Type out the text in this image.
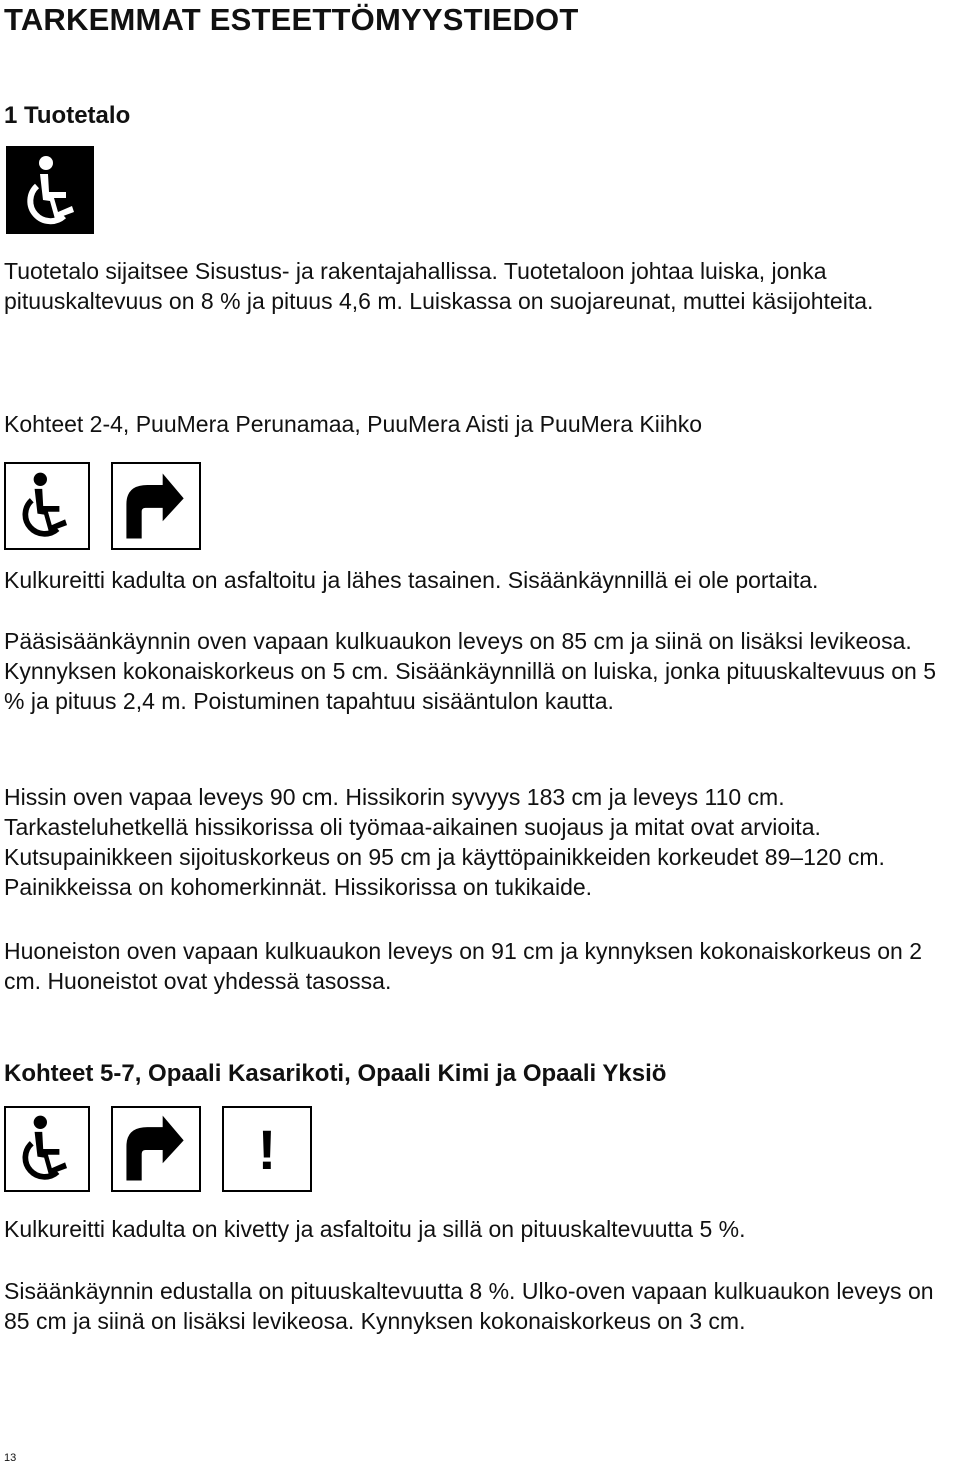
TARKEMMAT ESTEETTÖMYYSTIEDOT
1 Tuotetalo

Tuotetalo sijaitsee Sisustus- ja rakentajahallissa. Tuotetaloon johtaa luiska, jonka pituuskaltevuus on 8 % ja pituus 4,6 m. Luiskassa on suojareunat, muttei käsijohteita.

Kohteet 2-4, PuuMera Perunamaa, PuuMera Aisti ja PuuMera Kiihko

Kulkureitti kadulta on asfaltoitu ja lähes tasainen. Sisäänkäynnillä ei ole portaita.

Pääsisäänkäynnin oven vapaan kulkuaukon leveys on 85 cm ja siinä on lisäksi levikeosa. Kynnyksen kokonaiskorkeus on 5 cm. Sisäänkäynnillä on luiska, jonka pituuskaltevuus on 5 % ja pituus 2,4 m. Poistuminen tapahtuu sisääntulon kautta.

Hissin oven vapaa leveys 90 cm. Hissikorin syvyys 183 cm ja leveys 110 cm. Tarkasteluhetkellä hissikorissa oli työmaa-aikainen suojaus ja mitat ovat arvioita. Kutsupainikkeen sijoituskorkeus on 95 cm ja käyttöpainikkeiden korkeudet 89–120 cm. Painikkeissa on kohomerkinnät. Hissikorissa on tukikaide.

Huoneiston oven vapaan kulkuaukon leveys on 91 cm ja kynnyksen kokonaiskorkeus on 2 cm. Huoneistot ovat yhdessä tasossa.

Kohteet 5-7, Opaali Kasarikoti, Opaali Kimi ja Opaali Yksiö
!

Kulkureitti kadulta on kivetty ja asfaltoitu ja sillä on pituuskaltevuutta 5 %.

Sisäänkäynnin edustalla on pituuskaltevuutta 8 %. Ulko-oven vapaan kulkuaukon leveys on 85 cm ja siinä on lisäksi levikeosa. Kynnyksen kokonaiskorkeus on 3 cm.

13
